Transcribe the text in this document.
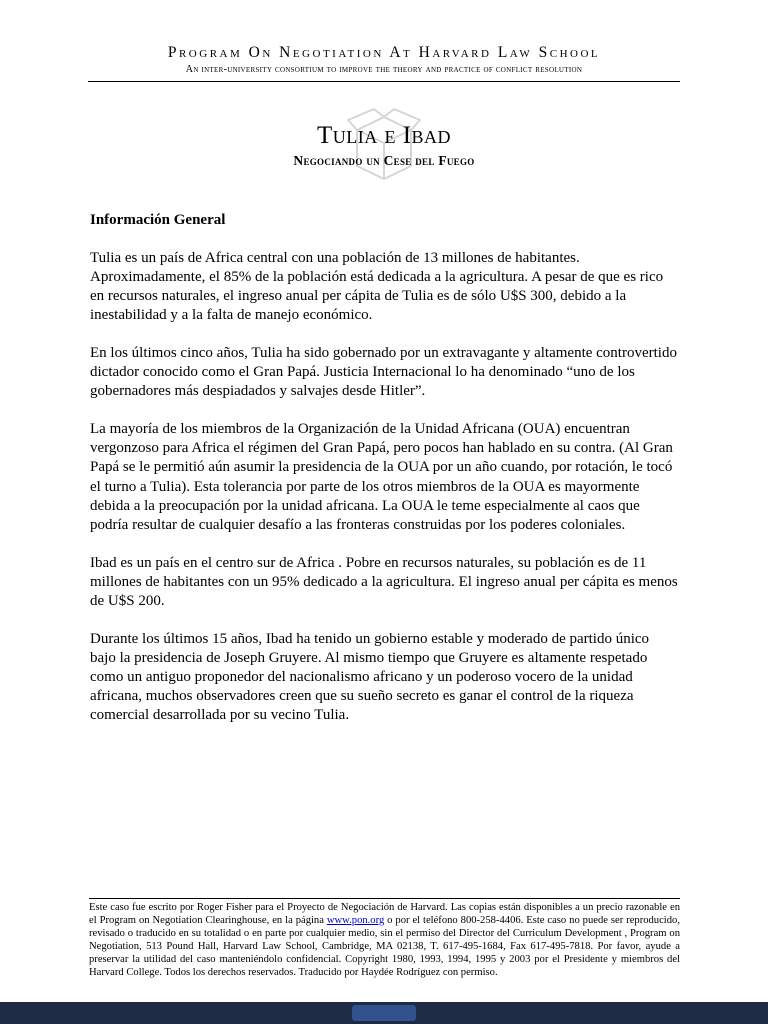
Program On Negotiation At Harvard Law School
An inter-university consortium to improve the theory and practice of conflict resolution
Tulia e Ibad
Negociando un Cese del Fuego
Información General

Tulia es un país de Africa central con una población de 13 millones de habitantes. Aproximadamente, el 85% de la población está dedicada a la agricultura. A pesar de que es rico en recursos naturales, el ingreso anual per cápita de Tulia es de sólo U$S 300, debido a la inestabilidad y a la falta de manejo económico.

En los últimos cinco años, Tulia ha sido gobernado por un extravagante y altamente controvertido dictador conocido como el Gran Papá. Justicia Internacional lo ha denominado “uno de los gobernadores más despiadados y salvajes desde Hitler”.

La mayoría de los miembros de la Organización de la Unidad Africana (OUA) encuentran vergonzoso para Africa el régimen del Gran Papá, pero pocos han hablado en su contra. (Al Gran Papá se le permitió aún asumir la presidencia de la OUA por un año cuando, por rotación, le tocó el turno a Tulia). Esta tolerancia por parte de los otros miembros de la OUA es mayormente debida a la preocupación por la unidad africana. La OUA le teme especialmente al caos que podría resultar de cualquier desafío a las fronteras construidas por los poderes coloniales.

Ibad es un país en el centro sur de Africa . Pobre en recursos naturales, su población es de 11 millones de habitantes con un 95% dedicado a la agricultura. El ingreso anual per cápita es menos de U$S 200.

Durante los últimos 15 años, Ibad ha tenido un gobierno estable y moderado de partido único bajo la presidencia de Joseph Gruyere. Al mismo tiempo que Gruyere es altamente respetado como un antiguo proponedor del nacionalismo africano y un poderoso vocero de la unidad africana, muchos observadores creen que su sueño secreto es ganar el control de la riqueza comercial desarrollada por su vecino Tulia.

Este caso fue escrito por Roger Fisher para el Proyecto de Negociación de Harvard. Las copias están disponibles a un precio razonable en el Program on Negotiation Clearinghouse, en la página www.pon.org o por el teléfono 800-258-4406. Este caso no puede ser reproducido, revisado o traducido en su totalidad o en parte por cualquier medio, sin el permiso del Director del Curriculum Development , Program on Negotiation, 513 Pound Hall, Harvard Law School, Cambridge, MA 02138, T. 617-495-1684, Fax 617-495-7818. Por favor, ayude a preservar la utilidad del caso manteniéndolo confidencial. Copyright 1980, 1993, 1994, 1995 y 2003 por el Presidente y miembros del Harvard College. Todos los derechos reservados. Traducido por Haydée Rodríguez con permiso.
